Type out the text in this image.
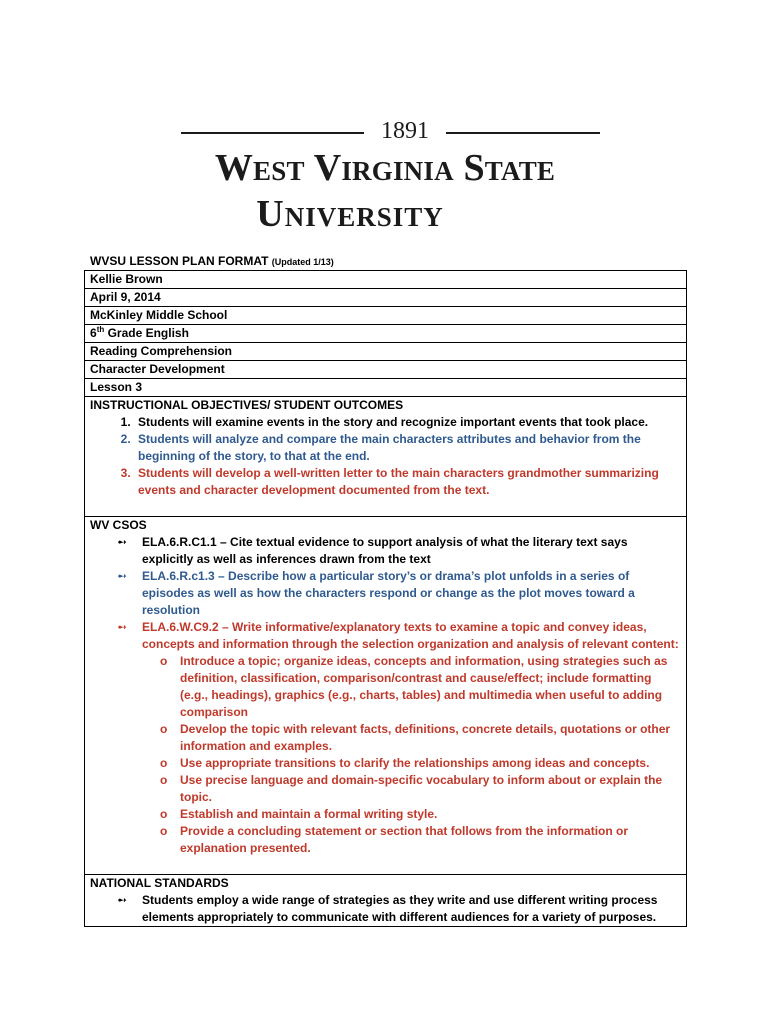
1891
West Virginia State
University
WVSU LESSON PLAN FORMAT (Updated 1/13)
Kellie Brown
April 9, 2014
McKinley Middle School
6th Grade English
Reading Comprehension
Character Development
Lesson 3

INSTRUCTIONAL OBJECTIVES/ STUDENT OUTCOMES
1. Students will examine events in the story and recognize important events that took place.
2. Students will analyze and compare the main characters attributes and behavior from the beginning of the story, to that at the end.
3. Students will develop a well-written letter to the main characters grandmother summarizing events and character development documented from the text.

WV CSOS
➻	ELA.6.R.C1.1 – Cite textual evidence to support analysis of what the literary text says explicitly as well as inferences drawn from the text
➻	ELA.6.R.c1.3 – Describe how a particular story’s or drama’s plot unfolds in a series of episodes as well as how the characters respond or change as the plot moves toward a resolution
➻	ELA.6.W.C9.2 – Write informative/explanatory texts to examine a topic and convey ideas, concepts and information through the selection organization and analysis of relevant content:
o Introduce a topic; organize ideas, concepts and information, using strategies such as definition, classification, comparison/contrast and cause/effect; include formatting (e.g., headings), graphics (e.g., charts, tables) and multimedia when useful to adding comparison
o Develop the topic with relevant facts, definitions, concrete details, quotations or other information and examples.
o Use appropriate transitions to clarify the relationships among ideas and concepts.
o Use precise language and domain-specific vocabulary to inform about or explain the topic.
o Establish and maintain a formal writing style.
o Provide a concluding statement or section that follows from the information or explanation presented.

NATIONAL STANDARDS
➻	Students employ a wide range of strategies as they write and use different writing process elements appropriately to communicate with different audiences for a variety of purposes.
